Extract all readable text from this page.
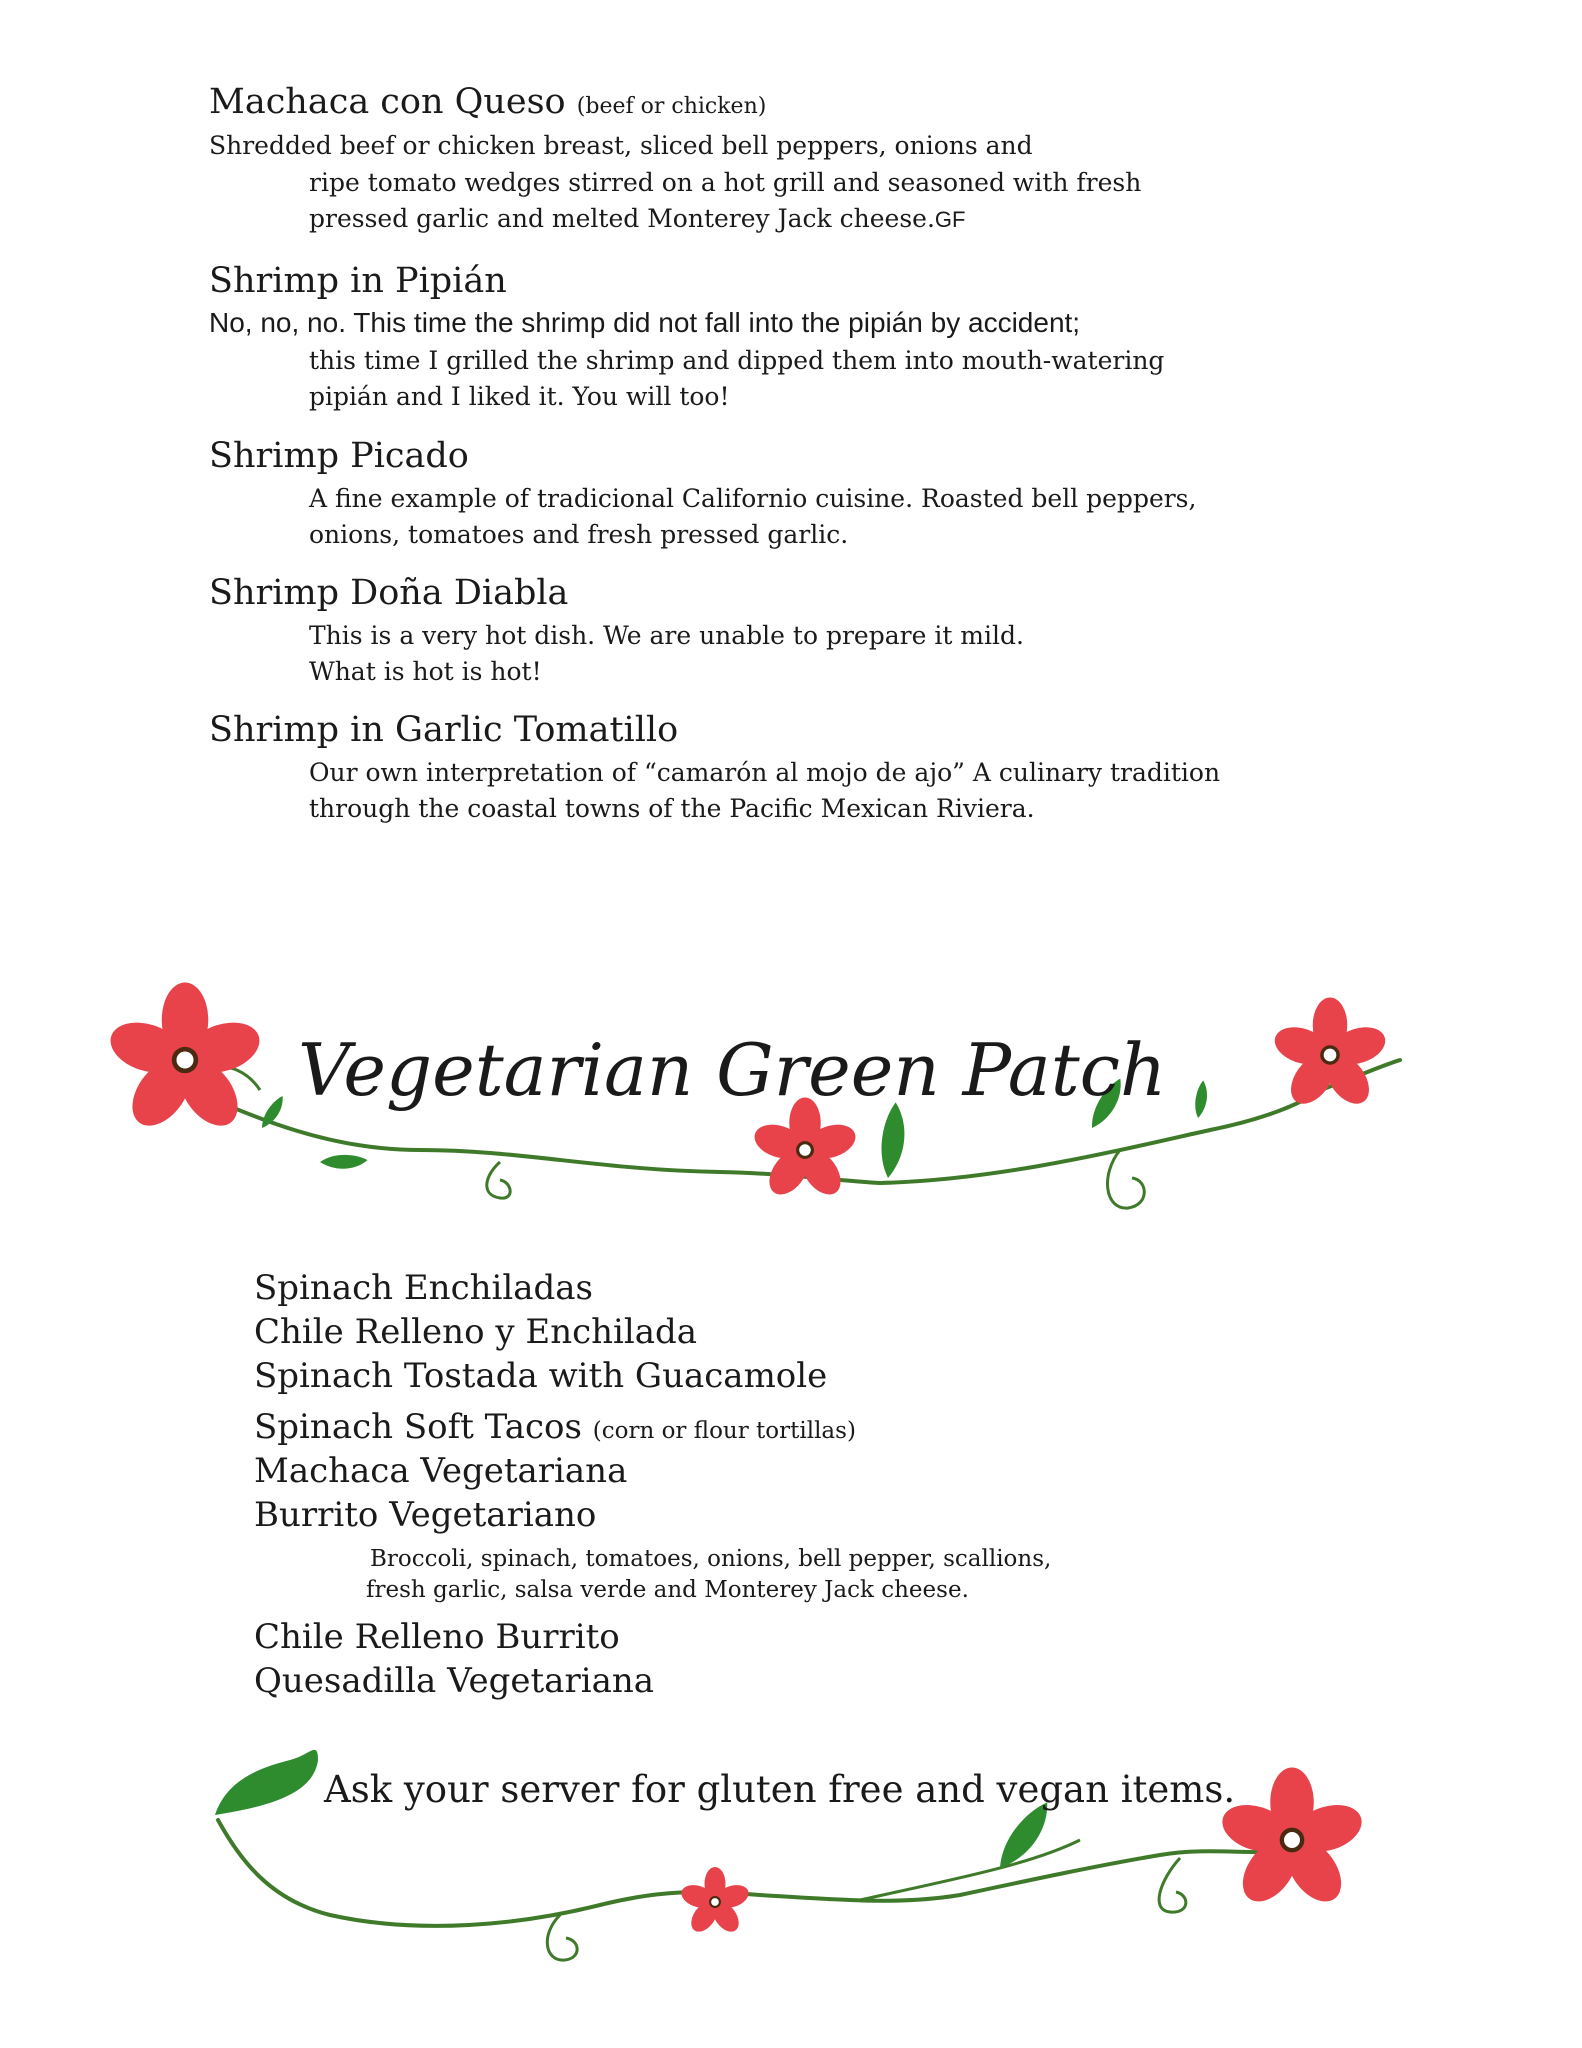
Machaca con Queso (beef or chicken)
Shredded beef or chicken breast, sliced bell peppers, onions and
ripe tomato wedges stirred on a hot grill and seasoned with fresh
pressed garlic and melted Monterey Jack cheese.GF
Shrimp in Pipián
No, no, no. This time the shrimp did not fall into the pipián by accident;
this time I grilled the shrimp and dipped them into mouth-watering
pipián and I liked it. You will too!
Shrimp Picado
A fine example of tradicional Californio cuisine. Roasted bell peppers,
onions, tomatoes and fresh pressed garlic.
Shrimp Doña Diabla
This is a very hot dish. We are unable to prepare it mild.
What is hot is hot!
Shrimp in Garlic Tomatillo
Our own interpretation of “camarón al mojo de ajo” A culinary tradition
through the coastal towns of the Pacific Mexican Riviera.
Vegetarian Green Patch
Spinach Enchiladas
Chile Relleno y Enchilada
Spinach Tostada with Guacamole
Spinach Soft Tacos (corn or flour tortillas)
Machaca Vegetariana
Burrito Vegetariano
Broccoli, spinach, tomatoes, onions, bell pepper, scallions,
fresh garlic, salsa verde and Monterey Jack cheese.
Chile Relleno Burrito
Quesadilla Vegetariana
Ask your server for gluten free and vegan items.
